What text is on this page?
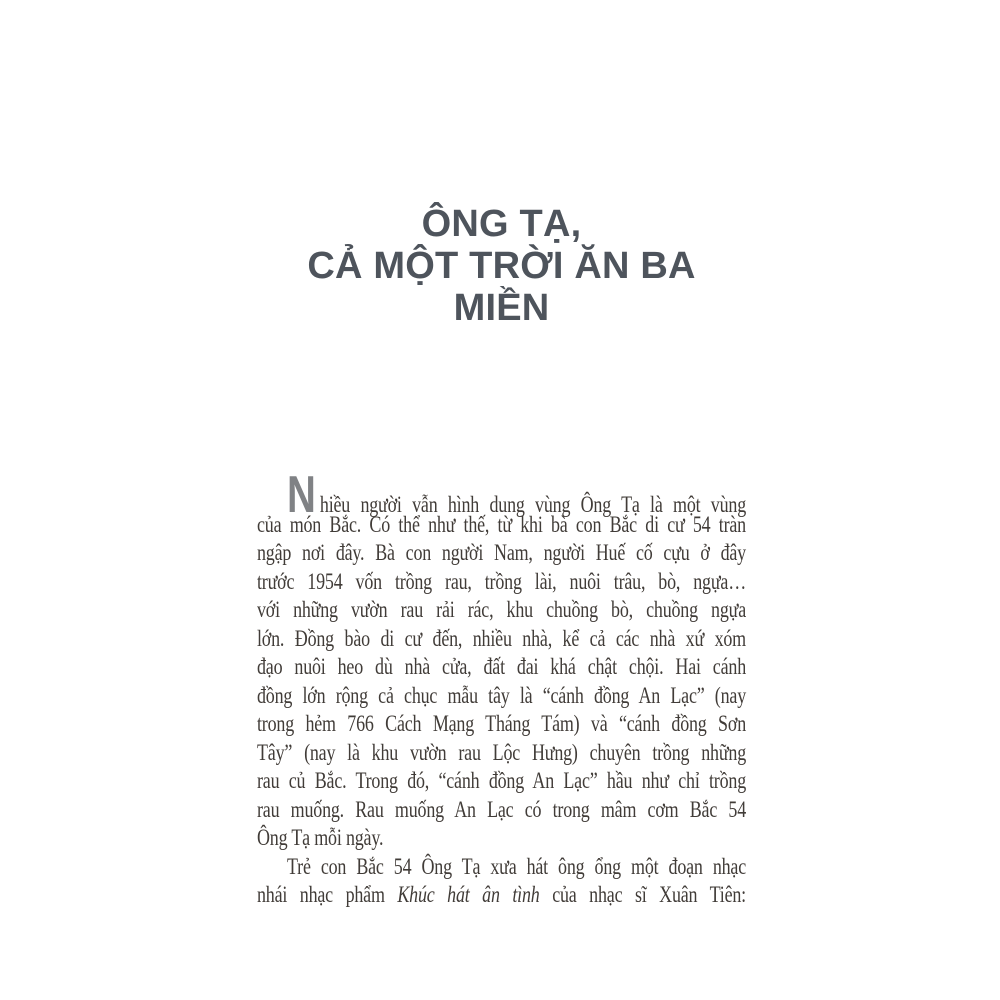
ÔNG TẠ,
CẢ MỘT TRỜI ĂN BA MIỀN
Nhiều người vẫn hình dung vùng Ông Tạ là một vùng
của món Bắc. Có thể như thế, từ khi bà con Bắc di cư 54 tràn
ngập nơi đây. Bà con người Nam, người Huế cố cựu ở đây
trước 1954 vốn trồng rau, trồng lài, nuôi trâu, bò, ngựa…
với những vườn rau rải rác, khu chuồng bò, chuồng ngựa
lớn. Đồng bào di cư đến, nhiều nhà, kể cả các nhà xứ xóm
đạo nuôi heo dù nhà cửa, đất đai khá chật chội. Hai cánh
đồng lớn rộng cả chục mẫu tây là “cánh đồng An Lạc” (nay
trong hẻm 766 Cách Mạng Tháng Tám) và “cánh đồng Sơn
Tây” (nay là khu vườn rau Lộc Hưng) chuyên trồng những
rau củ Bắc. Trong đó, “cánh đồng An Lạc” hầu như chỉ trồng
rau muống. Rau muống An Lạc có trong mâm cơm Bắc 54
Ông Tạ mỗi ngày.
Trẻ con Bắc 54 Ông Tạ xưa hát ông ổng một đoạn nhạc
nhái nhạc phẩm Khúc hát ân tình của nhạc sĩ Xuân Tiên:
